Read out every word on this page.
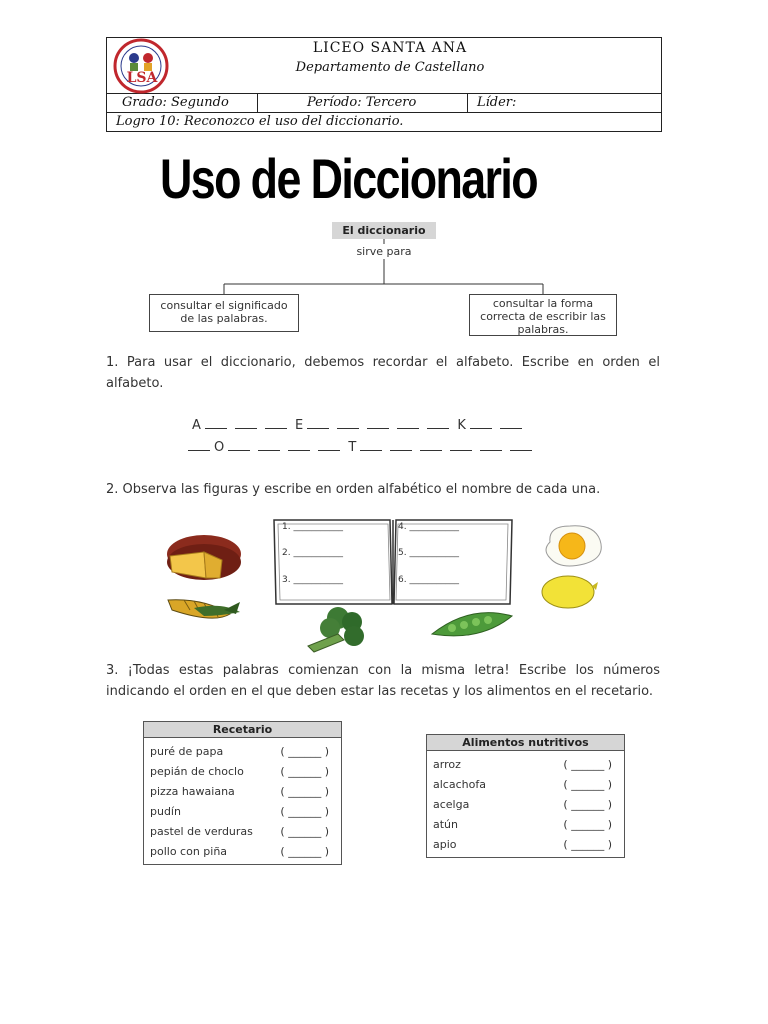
LSA
LICEO SANTA ANA
Departamento de Castellano
Grado: Segundo	Período: Tercero	Líder:
Logro 10: Reconozco el uso del diccionario.
Uso de Diccionario
El diccionario
sirve para
consultar el significado de las palabras.
consultar la forma correcta de escribir las palabras.
1. Para usar el diccionario, debemos recordar el alfabeto. Escribe en orden el alfabeto.
A	E	K
O	T
2. Observa las figuras y escribe en orden alfabético el nombre de cada una.
1. ___________
2. ___________
3. ___________
4. ___________
5. ___________
6. ___________
3. ¡Todas estas palabras comienzan con la misma letra! Escribe los números indicando el orden en el que deben estar las recetas y los alimentos en el recetario.
Recetario
puré de papa	( ______ )
pepián de choclo	( ______ )
pizza hawaiana	( ______ )
pudín	( ______ )
pastel de verduras	( ______ )
pollo con piña	( ______ )
Alimentos nutritivos
arroz	( ______ )
alcachofa	( ______ )
acelga	( ______ )
atún	( ______ )
apio	( ______ )
